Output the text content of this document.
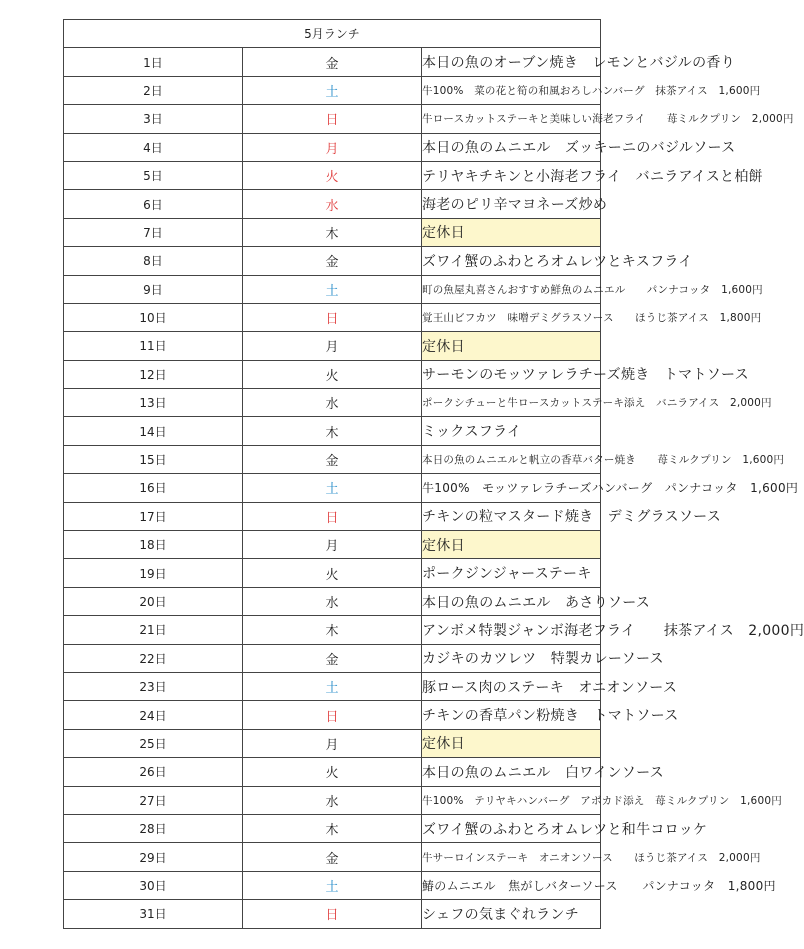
5月ランチ		
1日	金	本日の魚のオーブン焼き　レモンとバジルの香り
2日	土	牛100%　菜の花と筍の和風おろしハンバーグ　抹茶アイス　1,600円
3日	日	牛ロースカットステーキと美味しい海老フライ　　苺ミルクプリン　2,000円
4日	月	本日の魚のムニエル　ズッキーニのバジルソース
5日	火	テリヤキチキンと小海老フライ　バニラアイスと柏餅
6日	水	海老のピリ辛マヨネーズ炒め
7日	木	定休日
8日	金	ズワイ蟹のふわとろオムレツとキスフライ
9日	土	町の魚屋丸喜さんおすすめ鮮魚のムニエル　　パンナコッタ　1,600円
10日	日	覚王山ビフカツ　味噌デミグラスソース　　ほうじ茶アイス　1,800円
11日	月	定休日
12日	火	サーモンのモッツァレラチーズ焼き　トマトソース
13日	水	ポークシチューと牛ロースカットステーキ添え　バニラアイス　2,000円
14日	木	ミックスフライ
15日	金	本日の魚のムニエルと帆立の香草バター焼き　　苺ミルクプリン　1,600円
16日	土	牛100%　モッツァレラチーズハンバーグ　パンナコッタ　1,600円
17日	日	チキンの粒マスタード焼き　デミグラスソース
18日	月	定休日
19日	火	ポークジンジャーステーキ
20日	水	本日の魚のムニエル　あさりソース
21日	木	アンボメ特製ジャンボ海老フライ　　抹茶アイス　2,000円
22日	金	カジキのカツレツ　特製カレーソース
23日	土	豚ロース肉のステーキ　オニオンソース
24日	日	チキンの香草パン粉焼き　トマトソース
25日	月	定休日
26日	火	本日の魚のムニエル　白ワインソース
27日	水	牛100%　テリヤキハンバーグ　アボカド添え　苺ミルクプリン　1,600円
28日	木	ズワイ蟹のふわとろオムレツと和牛コロッケ
29日	金	牛サーロインステーキ　オニオンソース　　ほうじ茶アイス　2,000円
30日	土	鰆のムニエル　焦がしバターソース　　パンナコッタ　1,800円
31日	日	シェフの気まぐれランチ
